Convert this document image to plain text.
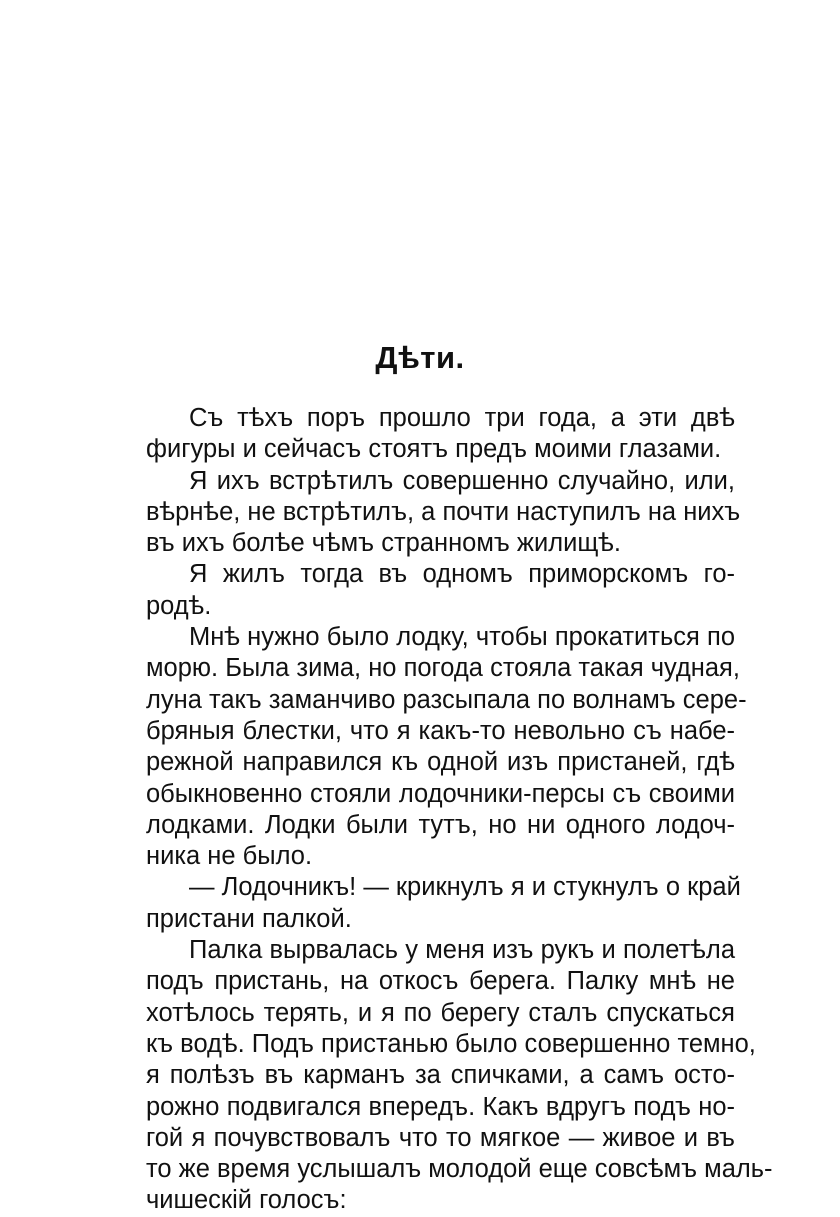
Дѣти.
Съ тѣхъ поръ прошло три года, а эти двѣ
фигуры и сейчасъ стоятъ предъ моими глазами.
Я ихъ встрѣтилъ совершенно случайно, или,
вѣрнѣе, не встрѣтилъ, а почти наступилъ на нихъ
въ ихъ болѣе чѣмъ странномъ жилищѣ.
Я жилъ тогда въ одномъ приморскомъ го-
родѣ.
Мнѣ нужно было лодку, чтобы прокатиться по
морю. Была зима, но погода стояла такая чудная,
луна такъ заманчиво разсыпала по волнамъ сере-
бряныя блестки, что я какъ-то невольно съ набе-
режной направился къ одной изъ пристаней, гдѣ
обыкновенно стояли лодочники-персы съ своими
лодками. Лодки были тутъ, но ни одного лодоч-
ника не было.
— Лодочникъ! — крикнулъ я и стукнулъ о край
пристани палкой.
Палка вырвалась у меня изъ рукъ и полетѣла
подъ пристань, на откосъ берега. Палку мнѣ не
хотѣлось терять, и я по берегу сталъ спускаться
къ водѣ. Подъ пристанью было совершенно темно,
я полѣзъ въ карманъ за спичками, а самъ осто-
рожно подвигался впередъ. Какъ вдругъ подъ но-
гой я почувствовалъ что то мягкое — живое и въ
то же время услышалъ молодой еще совсѣмъ маль-
чишескій голосъ:
